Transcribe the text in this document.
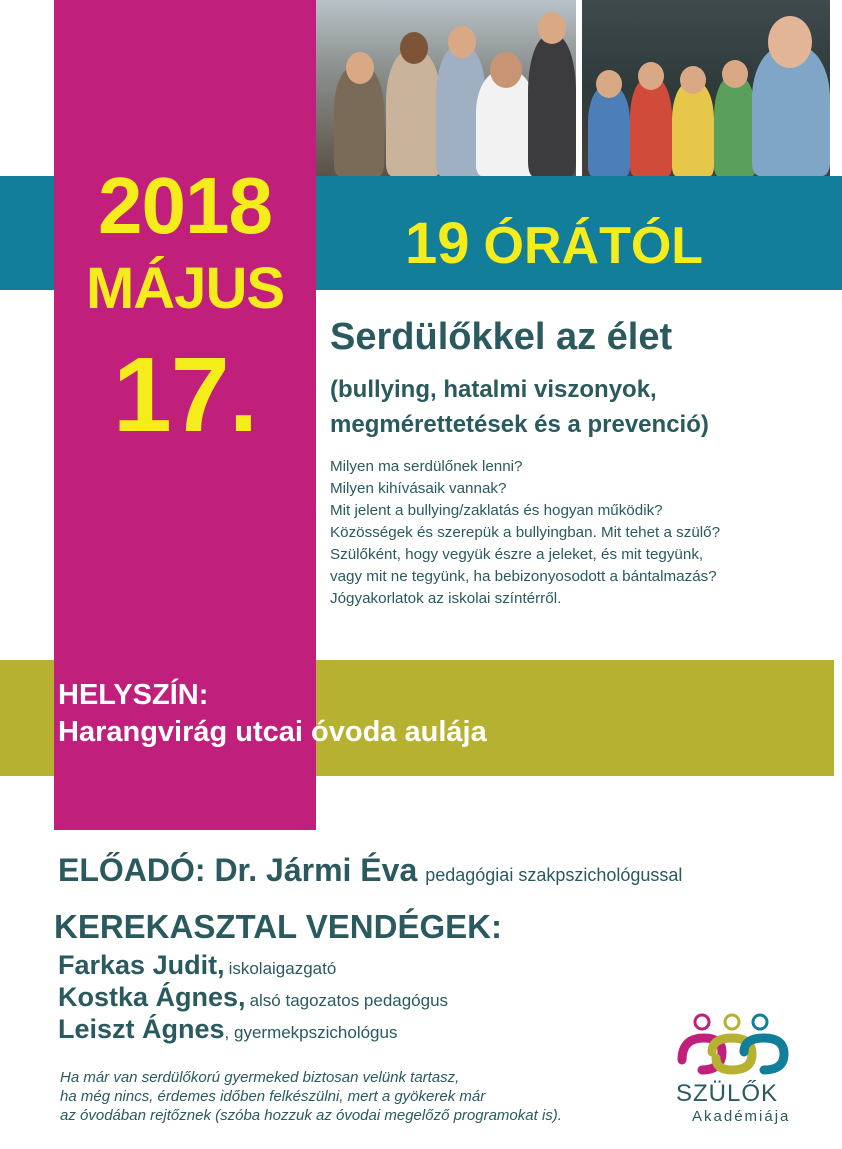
2018
MÁJUS
17.
19 ÓRÁTÓL
Serdülőkkel az élet
(bullying, hatalmi viszonyok,
megmérettetések és a prevenció)
Milyen ma serdülőnek lenni?
Milyen kihívásaik vannak?
Mit jelent a bullying/zaklatás és hogyan működik?
Közösségek és szerepük a bullyingban. Mit tehet a szülő?
Szülőként, hogy vegyük észre a jeleket, és mit tegyünk,
vagy mit ne tegyünk, ha bebizonyosodott a bántalmazás?
Jógyakorlatok az iskolai színtérről.
HELYSZÍN:
Harangvirág utcai óvoda aulája
ELŐADÓ: Dr. Jármi Éva pedagógiai szakpszichológussal
KEREKASZTAL VENDÉGEK:
Farkas Judit, iskolaigazgató
Kostka Ágnes, alsó tagozatos pedagógus
Leiszt Ágnes, gyermekpszichológus
Ha már van serdülőkorú gyermeked biztosan velünk tartasz,
ha még nincs, érdemes időben felkészülni, mert a gyökerek már
az óvodában rejtőznek (szóba hozzuk az óvodai megelőző programokat is).
SZÜLŐK
Akadémiája
